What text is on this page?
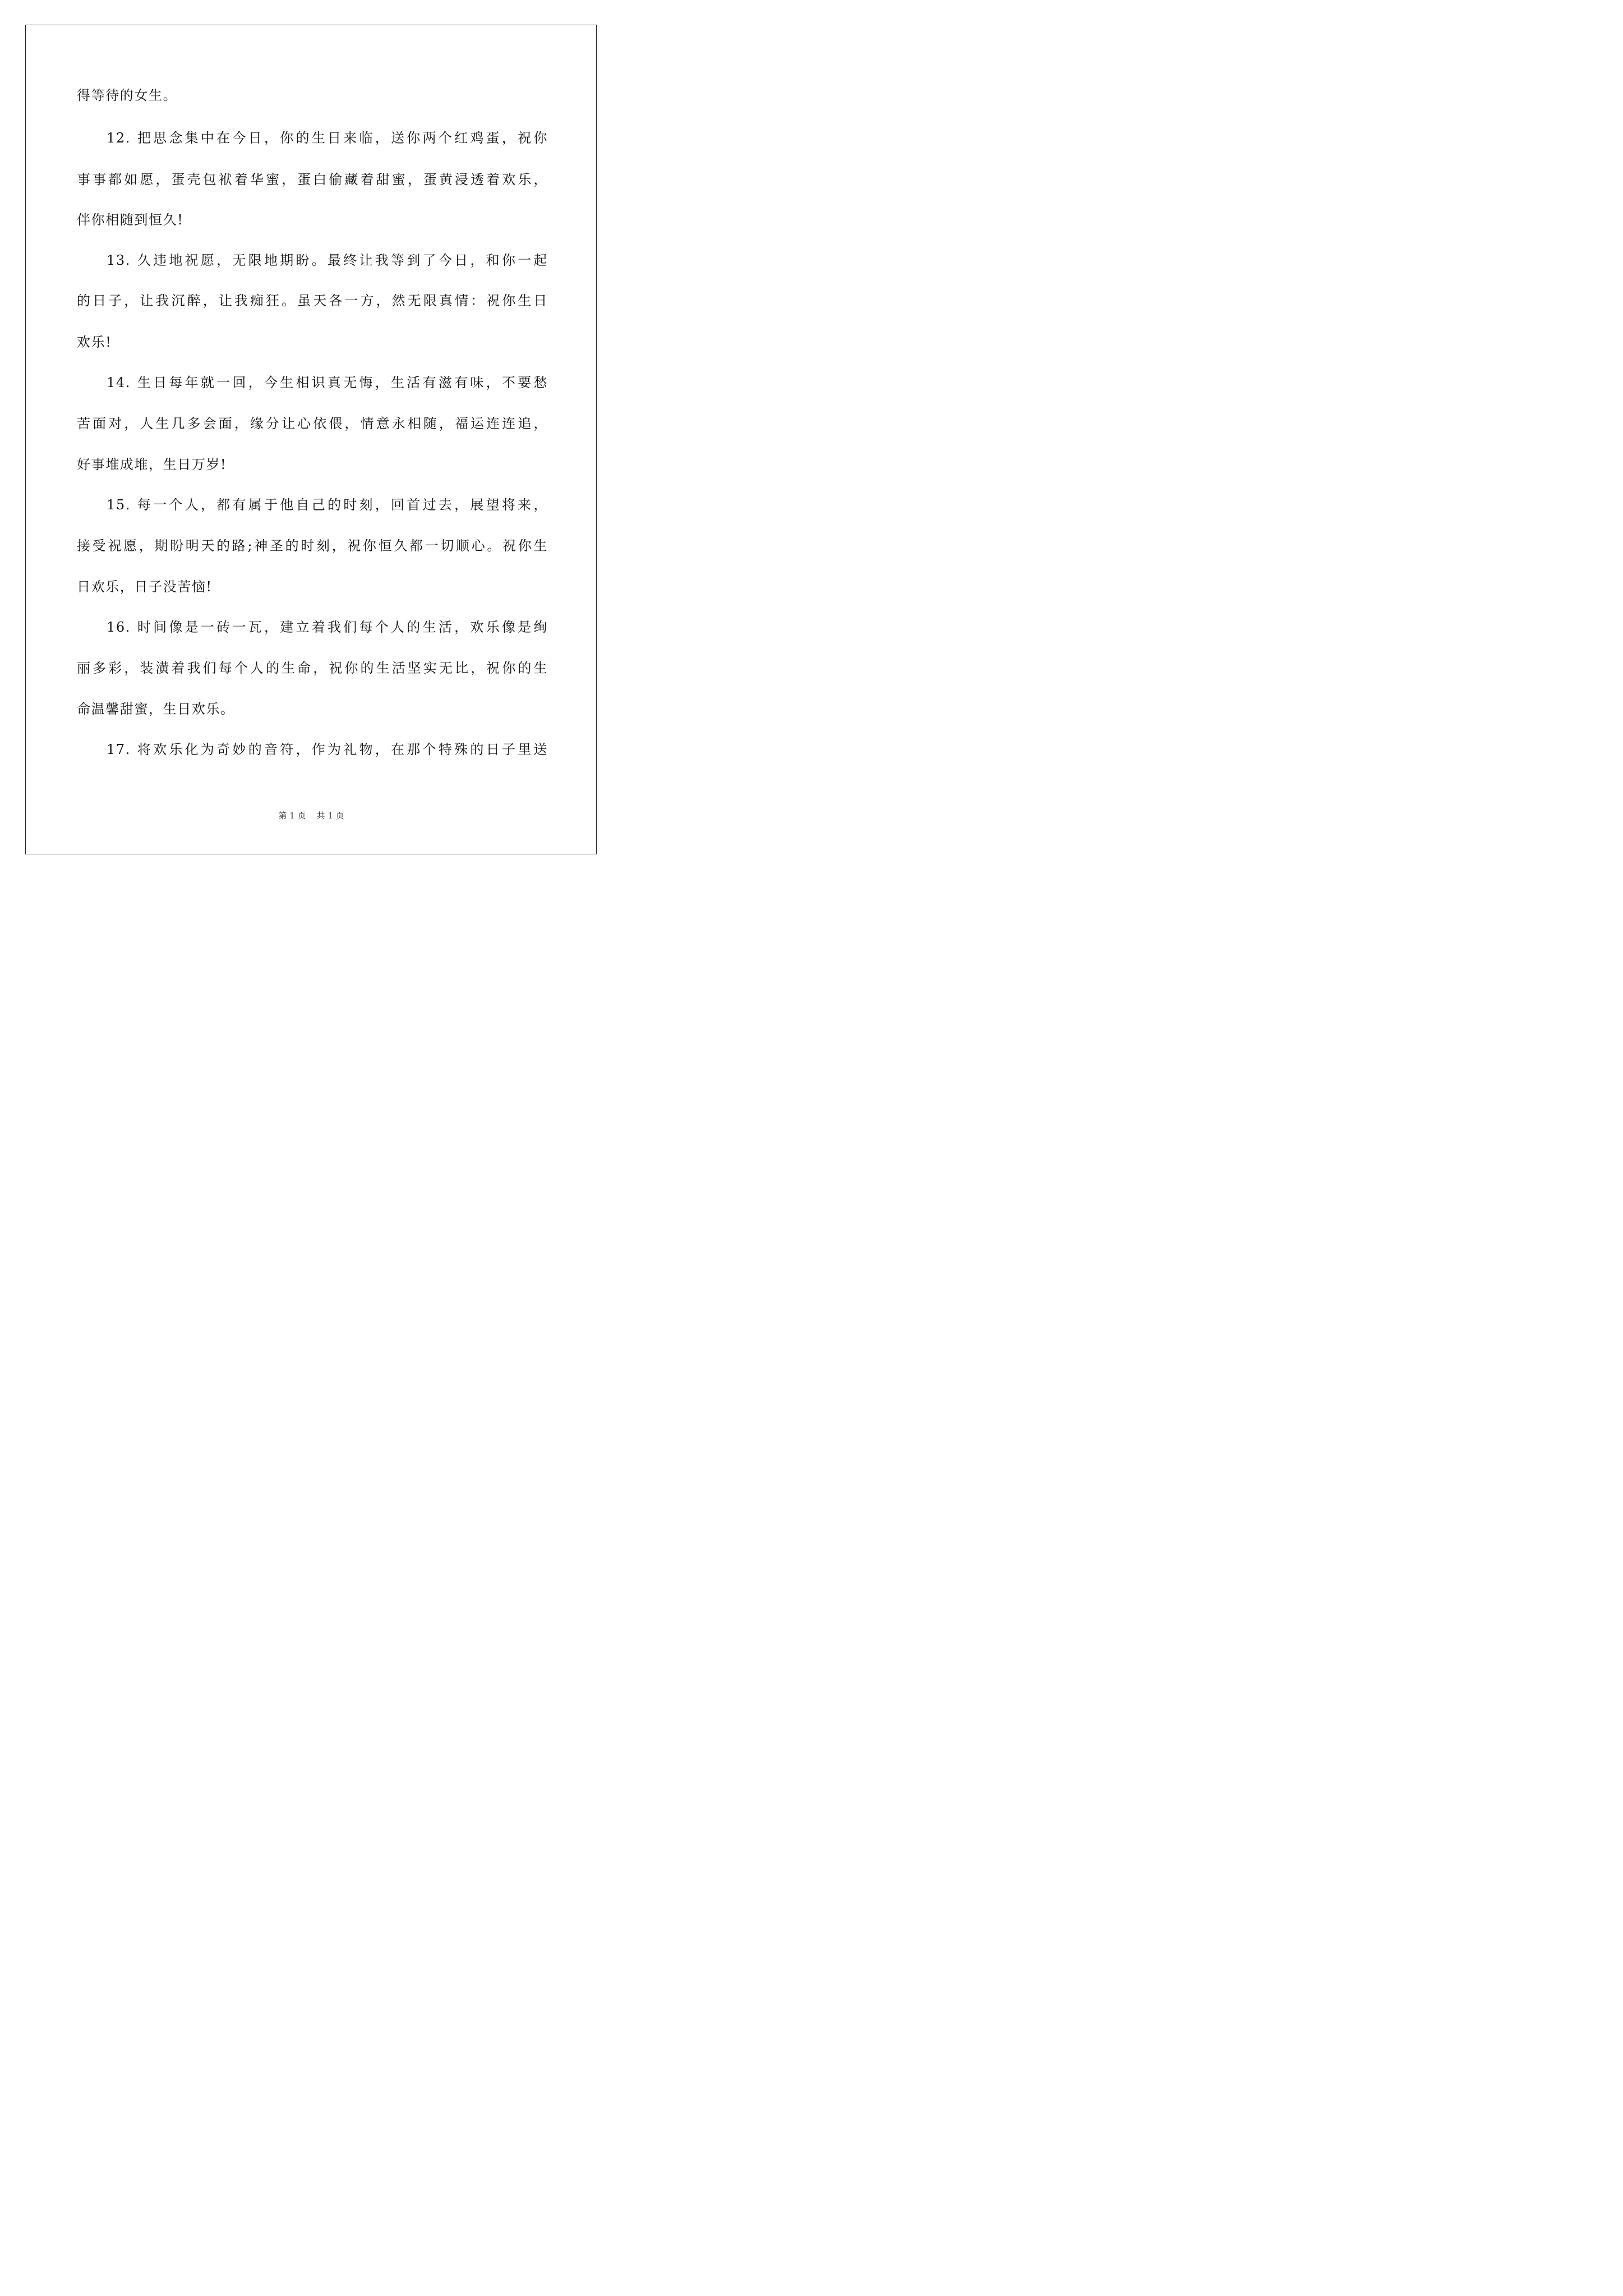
得等待的女生。
12. 把思念集中在今日，你的生日来临，送你两个红鸡蛋，祝你
事事都如愿，蛋壳包袱着华蜜，蛋白偷藏着甜蜜，蛋黄浸透着欢乐，
伴你相随到恒久!
13. 久违地祝愿，无限地期盼。最终让我等到了今日，和你一起
的日子，让我沉醉，让我痴狂。虽天各一方，然无限真情：祝你生日
欢乐!
14. 生日每年就一回，今生相识真无悔，生活有滋有味，不要愁
苦面对，人生几多会面，缘分让心依偎，情意永相随，福运连连追，
好事堆成堆，生日万岁!
15. 每一个人，都有属于他自己的时刻，回首过去，展望将来，
接受祝愿，期盼明天的路;神圣的时刻，祝你恒久都一切顺心。祝你生
日欢乐，日子没苦恼!
16. 时间像是一砖一瓦，建立着我们每个人的生活，欢乐像是绚
丽多彩，装潢着我们每个人的生命，祝你的生活坚实无比，祝你的生
命温馨甜蜜，生日欢乐。
17. 将欢乐化为奇妙的音符，作为礼物，在那个特殊的日子里送
第 1 页    共 1 页
